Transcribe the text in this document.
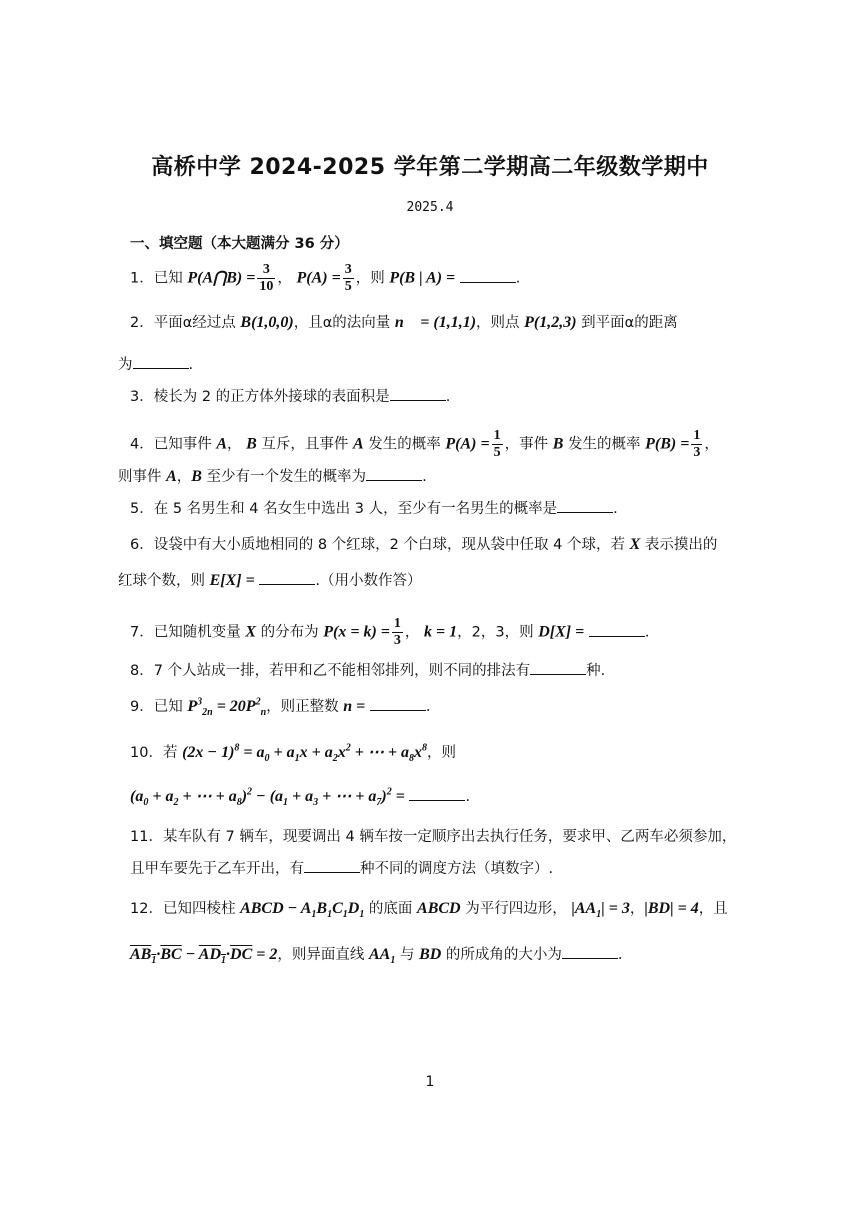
高桥中学 2024-2025 学年第二学期高二年级数学期中
2025.4
一、填空题（本大题满分 36 分）
1．已知 P(A⋂B) = $\frac{3}{10}$ ， $P(A) = \frac{3}{5}$ ，则 P(B | A) =	.
2．平面α经过点 B(1,0,0)，且α的法向量 n⃗ = (1,1,1)，则点 P(1,2,3) 到平面α的距离
为	.
3．棱长为 2 的正方体外接球的表面积是	.
4．已知事件 A， B 互斥，且事件 A 发生的概率 $P(A) = \frac{1}{5}$ ，事件 B 发生的概率 $P(B) = \frac{1}{3}$ ，
则事件 A，B 至少有一个发生的概率为	.
5．在 5 名男生和 4 名女生中选出 3 人，至少有一名男生的概率是	.
6．设袋中有大小质地相同的 8 个红球，2 个白球，现从袋中任取 4 个球，若 X 表示摸出的
红球个数，则 E[X] =	.（用小数作答）
7．已知随机变量 X 的分布为 $P(x = k) = \frac{1}{3}$ ， k = 1，2，3，则 D[X] =	.
8．7 个人站成一排，若甲和乙不能相邻排列，则不同的排法有	种.
9．已知 $P^3_{2n} = 20P^2_n$，则正整数 n =	.
10．若 $(2x - 1)^8 = a_0 + a_1x + a_2x^2$ + ⋯ + $a_8x^8$，则
($a_0 + a_2$ + ⋯ + $a_8)^2 - (a_1 + a_3$ + ⋯ + $a_7)^2$ =	.
11．某车队有 7 辆车，现要调出 4 辆车按一定顺序出去执行任务，要求甲、乙两车必须参加，
且甲车要先于乙车开出，有	种不同的调度方法（填数字）.
12．已知四棱柱 ABCD − $A_1B_1C_1D_1$ 的底面 ABCD 为平行四边形， $|AA_1| = 3$，|BD| = 4，且
$AB_1\cdot\overline{BC} - AD_1\cdot\overline{DC} = 2$，则异面直线 $AA_1$ 与 BD 的所成角的大小为	.
1
